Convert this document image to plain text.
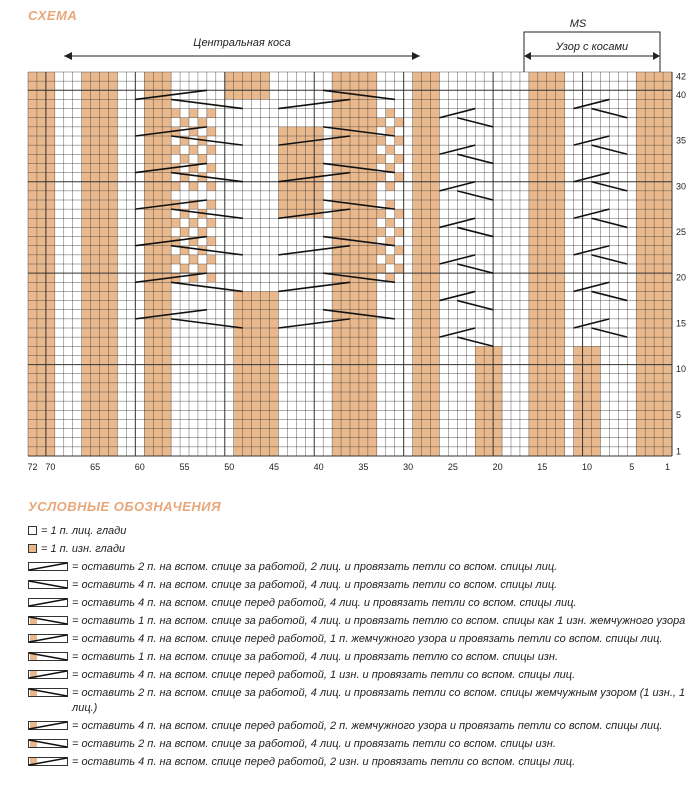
СХЕМА
42
40
35
30
25
20
15
10
5
1
72 70	65	60	55	50	45	40	35	30	25	20	15	10	5	1
Центральная коса
MS
Узор с косами
УСЛОВНЫЕ ОБОЗНАЧЕНИЯ
= 1 п. лиц. глади
= 1 п. изн. глади
= оставить 2 п. на вспом. спице за работой, 2 лиц. и провязать петли со вспом. спицы лиц.
= оставить 4 п. на вспом. спице за работой, 4 лиц. и провязать петли со вспом. спицы лиц.
= оставить 4 п. на вспом. спице перед работой, 4 лиц. и провязать петли со вспом. спицы лиц.
= оставить 1 п. на вспом. спице за работой, 4 лиц. и провязать петлю со вспом. спицы как 1 изн. жемчужного узора
= оставить 4 п. на вспом. спице перед работой, 1 п. жемчужного узора и провязать петли со вспом. спицы лиц.
= оставить 1 п. на вспом. спице за работой, 4 лиц. и провязать петлю со вспом. спицы изн.
= оставить 4 п. на вспом. спице перед работой, 1 изн. и провязать петли со вспом. спицы лиц.
= оставить 2 п. на вспом. спице за работой, 4 лиц. и провязать петли со вспом. спицы жемчужным узором (1 изн., 1 лиц.)
= оставить 4 п. на вспом. спице перед работой, 2 п. жемчужного узора и провязать петли со вспом. спицы лиц.
= оставить 2 п. на вспом. спице за работой, 4 лиц. и провязать петли со вспом. спицы изн.
= оставить 4 п. на вспом. спице перед работой, 2 изн. и провязать петли со вспом. спицы лиц.
